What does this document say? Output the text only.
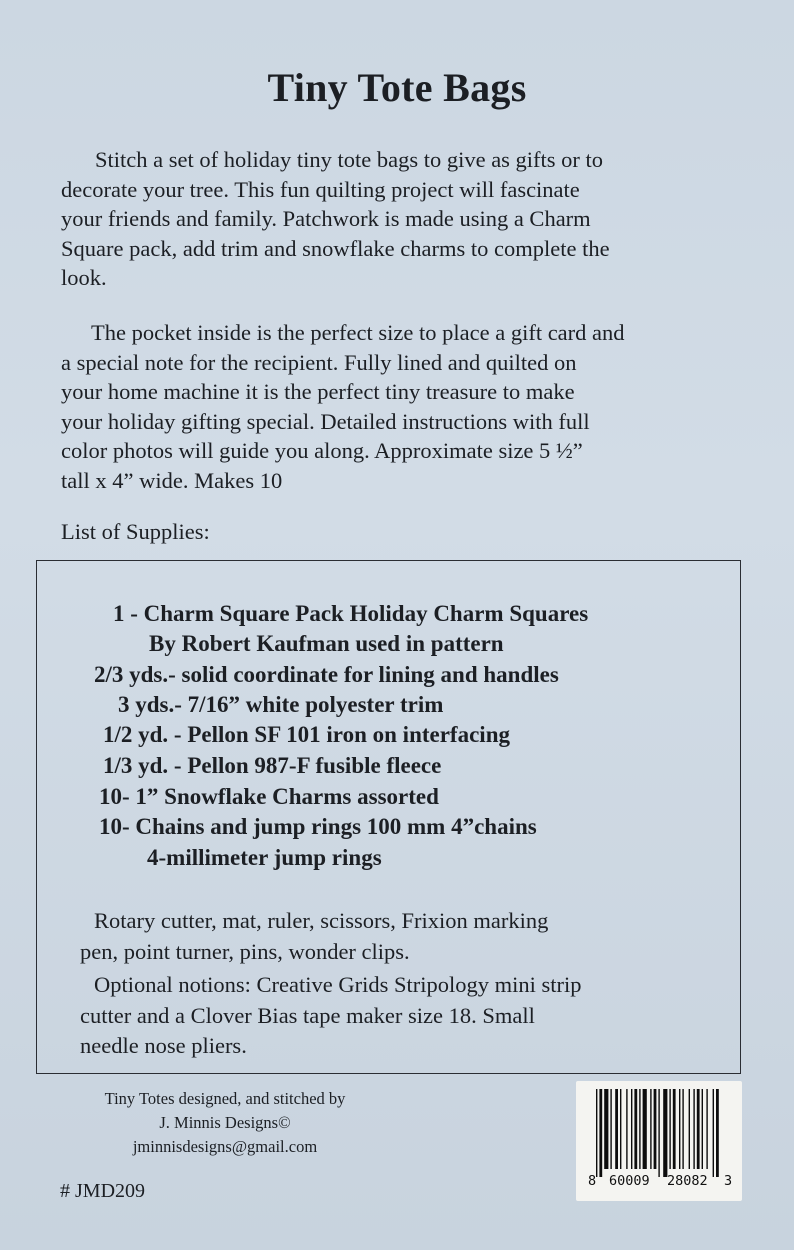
Tiny Tote Bags
Stitch a set of holiday tiny tote bags to give as gifts or to
decorate your tree. This fun quilting project will fascinate
your friends and family. Patchwork is made using a Charm
Square pack, add trim and snowflake charms to complete the
look.
The pocket inside is the perfect size to place a gift card and
a special note for the recipient. Fully lined and quilted on
your home machine it is the perfect tiny treasure to make
your holiday gifting special. Detailed instructions with full
color photos will guide you along. Approximate size 5 ½”
tall x 4” wide. Makes 10
List of Supplies:
1 - Charm Square Pack Holiday Charm Squares
By Robert Kaufman used in pattern
2/3 yds.- solid coordinate for lining and handles
3 yds.- 7/16” white polyester trim
1/2 yd. - Pellon SF 101 iron on interfacing
1/3 yd. - Pellon 987-F fusible fleece
10- 1” Snowflake Charms assorted
10- Chains and jump rings 100 mm 4”chains
4-millimeter jump rings
Rotary cutter, mat, ruler, scissors, Frixion marking
pen, point turner, pins, wonder clips.
Optional notions: Creative Grids Stripology mini strip
cutter and a Clover Bias tape maker size 18. Small
needle nose pliers.
Tiny Totes designed, and stitched by
J. Minnis Designs©
jminnisdesigns@gmail.com
# JMD209	8 60009 28082 3
